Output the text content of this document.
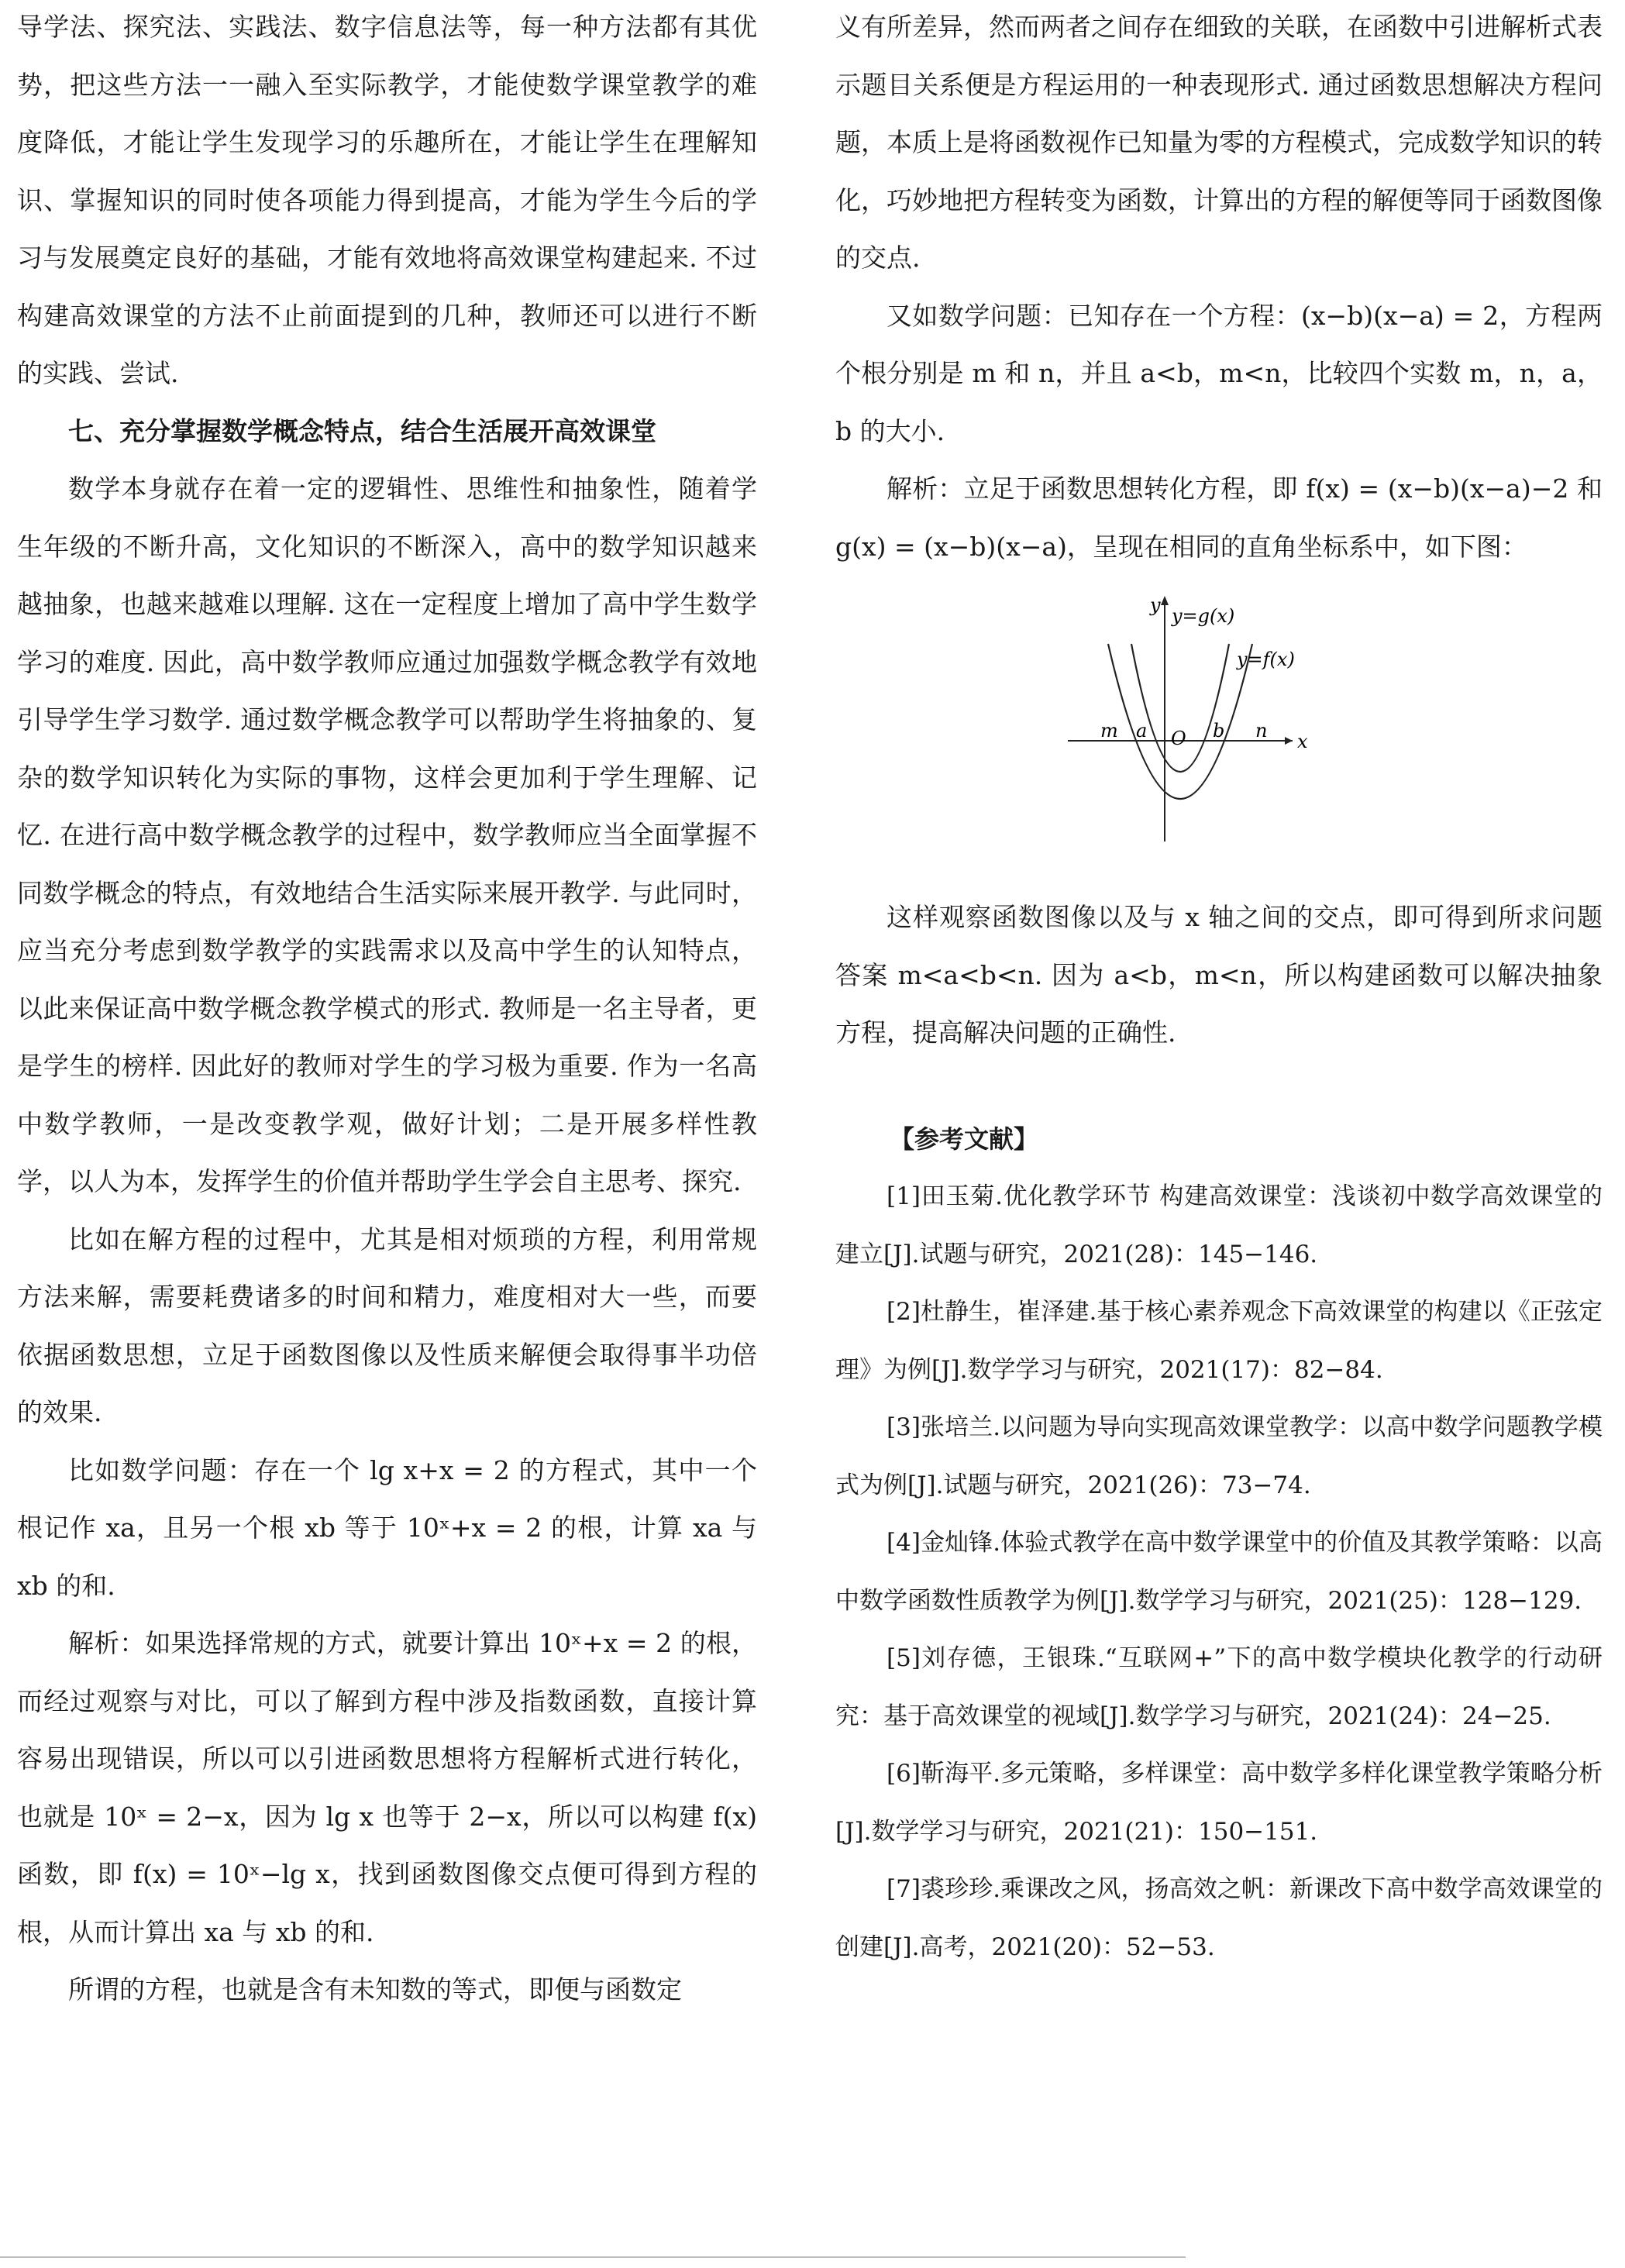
导学法、探究法、实践法、数字信息法等，每一种方法都有其优势，把这些方法一一融入至实际教学，才能使数学课堂教学的难度降低，才能让学生发现学习的乐趣所在，才能让学生在理解知识、掌握知识的同时使各项能力得到提高，才能为学生今后的学习与发展奠定良好的基础，才能有效地将高效课堂构建起来. 不过构建高效课堂的方法不止前面提到的几种，教师还可以进行不断的实践、尝试.

七、充分掌握数学概念特点，结合生活展开高效课堂

数学本身就存在着一定的逻辑性、思维性和抽象性，随着学生年级的不断升高，文化知识的不断深入，高中的数学知识越来越抽象，也越来越难以理解. 这在一定程度上增加了高中学生数学学习的难度. 因此，高中数学教师应通过加强数学概念教学有效地引导学生学习数学. 通过数学概念教学可以帮助学生将抽象的、复杂的数学知识转化为实际的事物，这样会更加利于学生理解、记忆. 在进行高中数学概念教学的过程中，数学教师应当全面掌握不同数学概念的特点，有效地结合生活实际来展开教学. 与此同时，应当充分考虑到数学教学的实践需求以及高中学生的认知特点，以此来保证高中数学概念教学模式的形式. 教师是一名主导者，更是学生的榜样. 因此好的教师对学生的学习极为重要. 作为一名高中数学教师，一是改变教学观，做好计划；二是开展多样性教学，以人为本，发挥学生的价值并帮助学生学会自主思考、探究.

比如在解方程的过程中，尤其是相对烦琐的方程，利用常规方法来解，需要耗费诸多的时间和精力，难度相对大一些，而要依据函数思想，立足于函数图像以及性质来解便会取得事半功倍的效果.

比如数学问题：存在一个 lg x+x = 2 的方程式，其中一个根记作 xa，且另一个根 xb 等于 10ˣ+x = 2 的根，计算 xa 与 xb 的和.

解析：如果选择常规的方式，就要计算出 10ˣ+x = 2 的根，而经过观察与对比，可以了解到方程中涉及指数函数，直接计算容易出现错误，所以可以引进函数思想将方程解析式进行转化，也就是 10ˣ = 2−x，因为 lg x 也等于 2−x，所以可以构建 f(x) 函数，即 f(x) = 10ˣ−lg x，找到函数图像交点便可得到方程的根，从而计算出 xa 与 xb 的和.

所谓的方程，也就是含有未知数的等式，即便与函数定

义有所差异，然而两者之间存在细致的关联，在函数中引进解析式表示题目关系便是方程运用的一种表现形式. 通过函数思想解决方程问题，本质上是将函数视作已知量为零的方程模式，完成数学知识的转化，巧妙地把方程转变为函数，计算出的方程的解便等同于函数图像的交点.

又如数学问题：已知存在一个方程：(x−b)(x−a) = 2，方程两个根分别是 m 和 n，并且 a<b，m<n，比较四个实数 m，n，a，b 的大小.

解析：立足于函数思想转化方程，即 f(x) = (x−b)(x−a)−2 和 g(x) = (x−b)(x−a)，呈现在相同的直角坐标系中，如下图：

y y=g(x)
y=f(x)
x
m a O b n

这样观察函数图像以及与 x 轴之间的交点，即可得到所求问题答案 m<a<b<n. 因为 a<b，m<n，所以构建函数可以解决抽象方程，提高解决问题的正确性.

【参考文献】

[1]田玉菊.优化教学环节 构建高效课堂：浅谈初中数学高效课堂的建立[J].试题与研究，2021(28)：145−146.

[2]杜静生，崔泽建.基于核心素养观念下高效课堂的构建以《正弦定理》为例[J].数学学习与研究，2021(17)：82−84.

[3]张培兰.以问题为导向实现高效课堂教学：以高中数学问题教学模式为例[J].试题与研究，2021(26)：73−74.

[4]金灿锋.体验式教学在高中数学课堂中的价值及其教学策略：以高中数学函数性质教学为例[J].数学学习与研究，2021(25)：128−129.

[5]刘存德，王银珠.“互联网+”下的高中数学模块化教学的行动研究：基于高效课堂的视域[J].数学学习与研究，2021(24)：24−25.

[6]靳海平.多元策略，多样课堂：高中数学多样化课堂教学策略分析[J].数学学习与研究，2021(21)：150−151.

[7]裘珍珍.乘课改之风，扬高效之帆：新课改下高中数学高效课堂的创建[J].高考，2021(20)：52−53.
